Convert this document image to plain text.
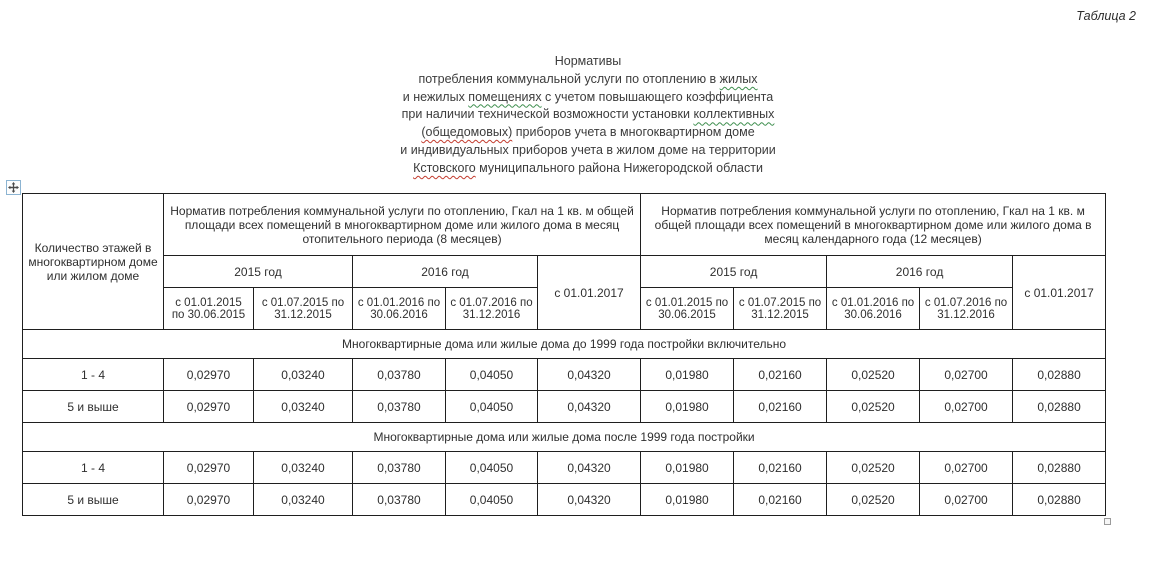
Таблица 2
Нормативы
потребления коммунальной услуги по отоплению в жилых
и нежилых помещениях с учетом повышающего коэффициента
при наличии технической возможности установки коллективных
(общедомовых) приборов учета в многоквартирном доме
и индивидуальных приборов учета в жилом доме на территории
Кстовского муниципального района Нижегородской области
Количество этажей в многоквартирном доме или жилом доме	Норматив потребления коммунальной услуги по отоплению, Гкал на 1 кв. м общей площади всех помещений в многоквартирном доме или жилого дома в месяц отопительного периода (8 месяцев)					Норматив потребления коммунальной услуги по отоплению, Гкал на 1 кв. м общей площади всех помещений в многоквартирном доме или жилого дома в месяц календарного года (12 месяцев)				
	2015 год		2016 год		с 01.01.2017	2015 год		2016 год		с 01.01.2017
	с 01.01.2015 по 30.06.2015	с 01.07.2015 по 31.12.2015	с 01.01.2016 по 30.06.2016	с 01.07.2016 по 31.12.2016		с 01.01.2015 по 30.06.2015	с 01.07.2015 по 31.12.2015	с 01.01.2016 по 30.06.2016	с 01.07.2016 по 31.12.2016	
Многоквартирные дома или жилые дома до 1999 года постройки включительно										
1 - 4	0,02970	0,03240	0,03780	0,04050	0,04320	0,01980	0,02160	0,02520	0,02700	0,02880
5 и выше	0,02970	0,03240	0,03780	0,04050	0,04320	0,01980	0,02160	0,02520	0,02700	0,02880
Многоквартирные дома или жилые дома после 1999 года постройки										
1 - 4	0,02970	0,03240	0,03780	0,04050	0,04320	0,01980	0,02160	0,02520	0,02700	0,02880
5 и выше	0,02970	0,03240	0,03780	0,04050	0,04320	0,01980	0,02160	0,02520	0,02700	0,02880
